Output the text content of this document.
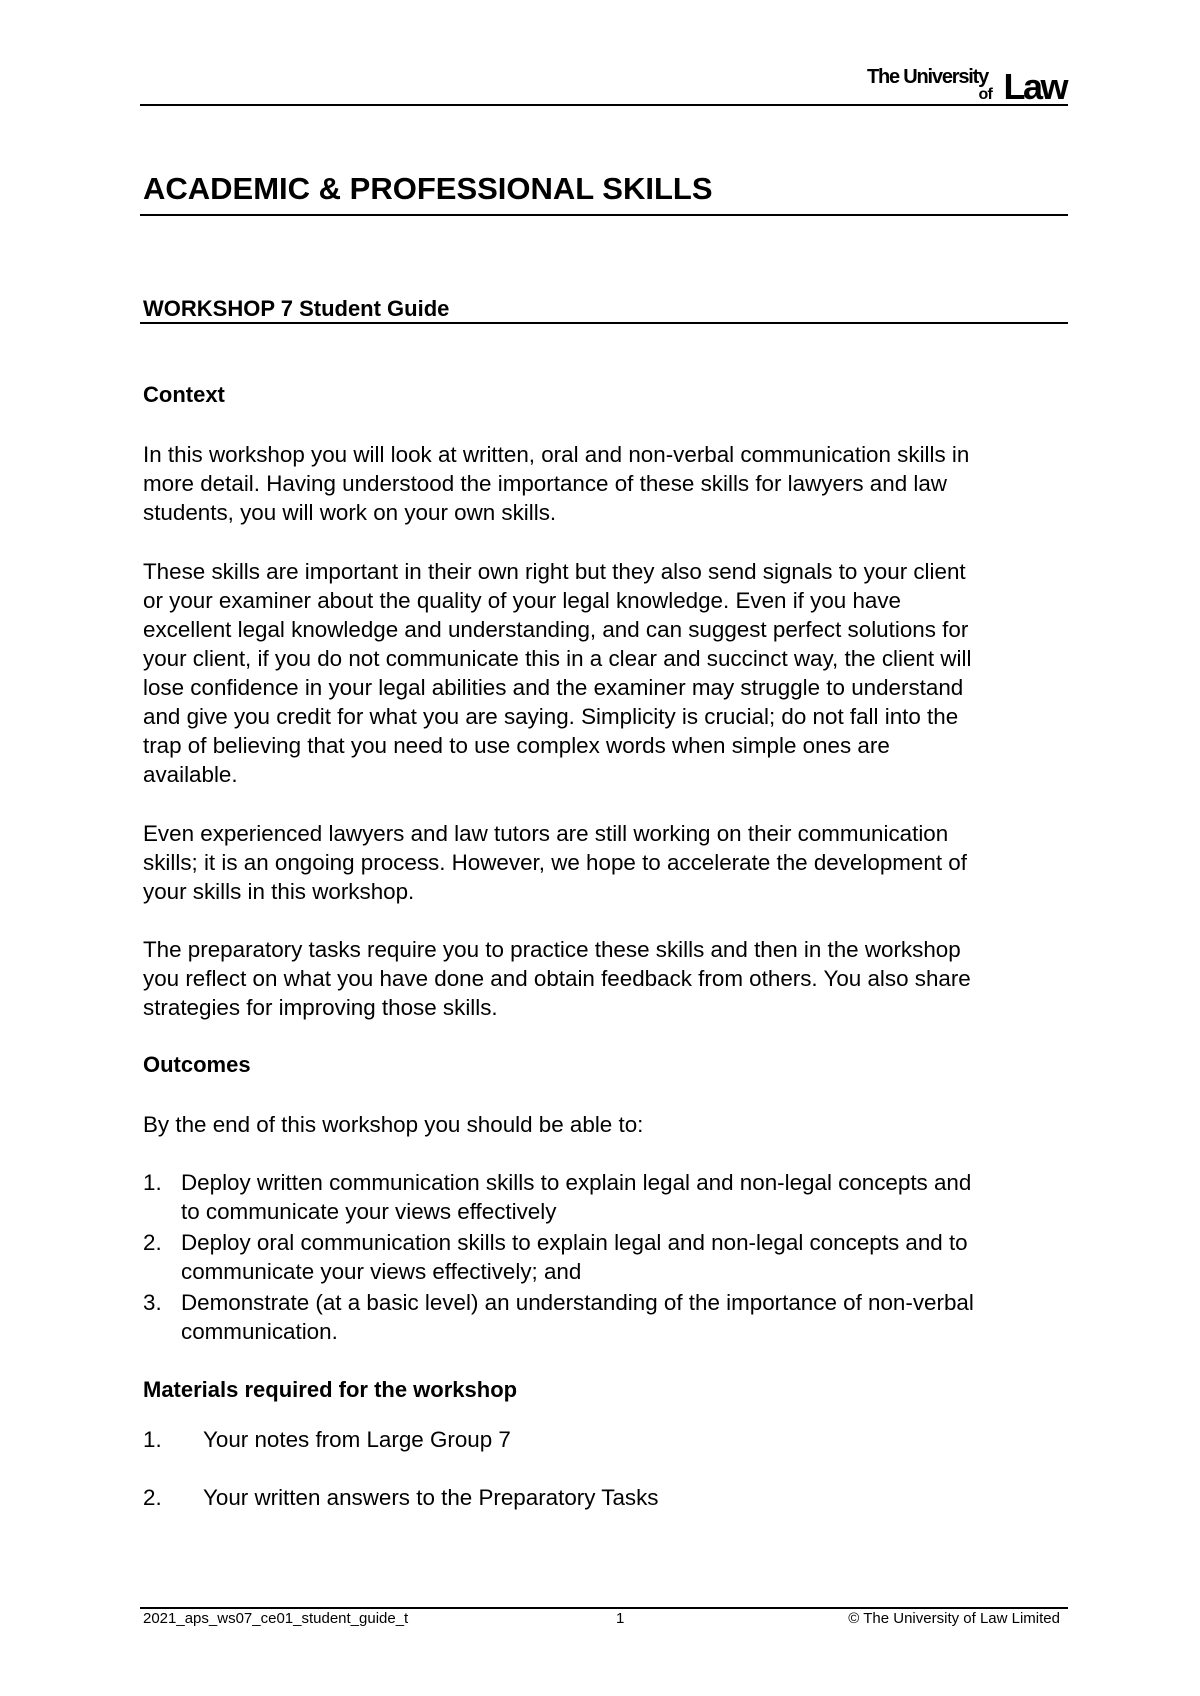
The University
of Law
ACADEMIC & PROFESSIONAL SKILLS
WORKSHOP 7 Student Guide
Context
In this workshop you will look at written, oral and non-verbal communication skills in
more detail. Having understood the importance of these skills for lawyers and law
students, you will work on your own skills.
These skills are important in their own right but they also send signals to your client
or your examiner about the quality of your legal knowledge. Even if you have
excellent legal knowledge and understanding, and can suggest perfect solutions for
your client, if you do not communicate this in a clear and succinct way, the client will
lose confidence in your legal abilities and the examiner may struggle to understand
and give you credit for what you are saying. Simplicity is crucial; do not fall into the
trap of believing that you need to use complex words when simple ones are
available.
Even experienced lawyers and law tutors are still working on their communication
skills; it is an ongoing process. However, we hope to accelerate the development of
your skills in this workshop.
The preparatory tasks require you to practice these skills and then in the workshop
you reflect on what you have done and obtain feedback from others. You also share
strategies for improving those skills.
Outcomes
By the end of this workshop you should be able to:
1. Deploy written communication skills to explain legal and non-legal concepts and
to communicate your views effectively
2. Deploy oral communication skills to explain legal and non-legal concepts and to
communicate your views effectively; and
3. Demonstrate (at a basic level) an understanding of the importance of non-verbal
communication.
Materials required for the workshop
1. Your notes from Large Group 7
2. Your written answers to the Preparatory Tasks
2021_aps_ws07_ce01_student_guide_t	1	© The University of Law Limited
